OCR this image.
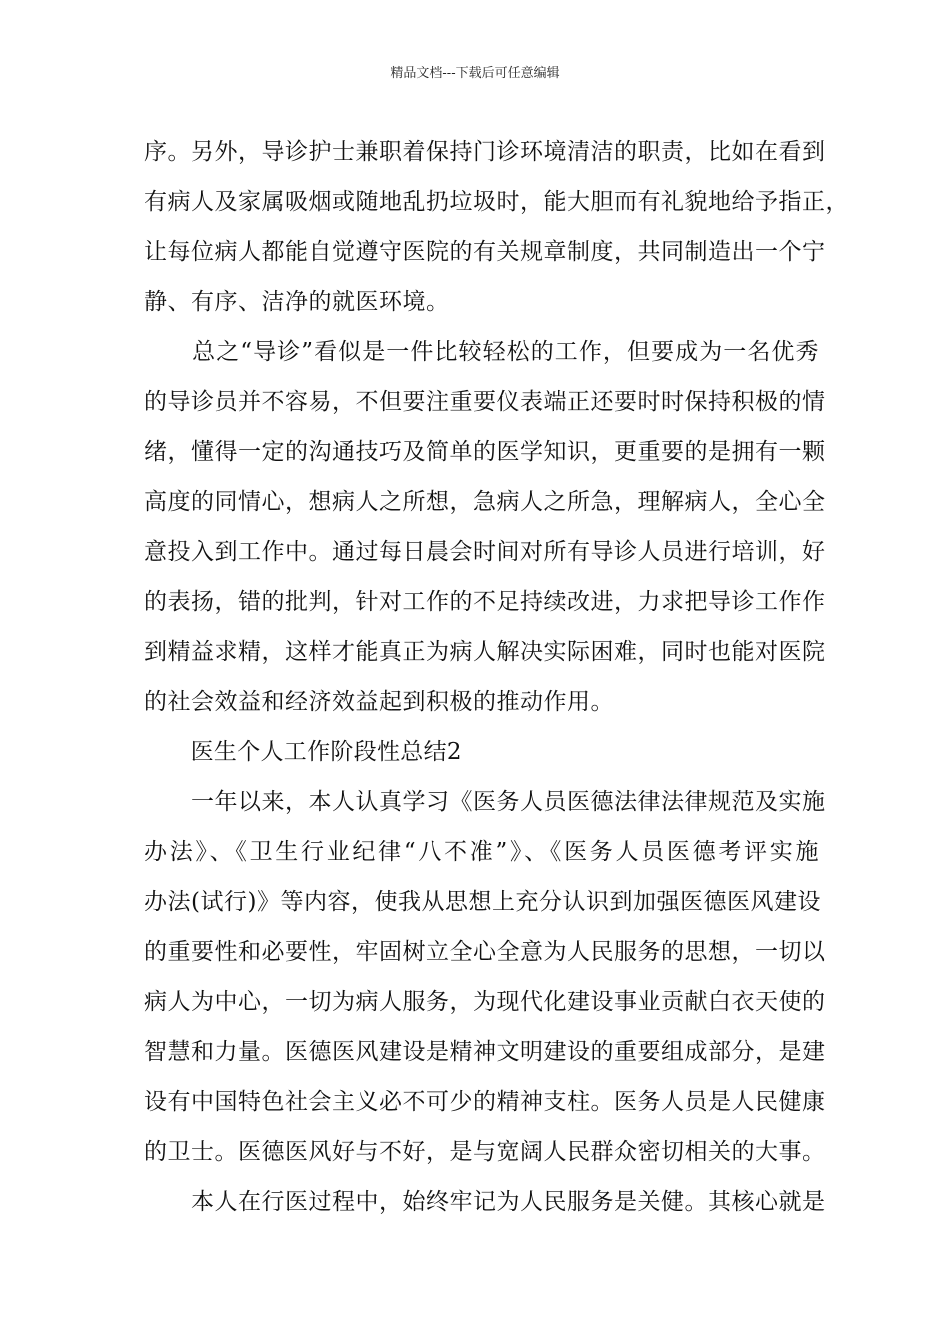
精品文档---下载后可任意编辑
序。另外，导诊护士兼职着保持门诊环境清洁的职责，比如在看到
有病人及家属吸烟或随地乱扔垃圾时，能大胆而有礼貌地给予指正，
让每位病人都能自觉遵守医院的有关规章制度，共同制造出一个宁
静、有序、洁净的就医环境。
　　总之“导诊”看似是一件比较轻松的工作，但要成为一名优秀
的导诊员并不容易，不但要注重要仪表端正还要时时保持积极的情
绪，懂得一定的沟通技巧及简单的医学知识，更重要的是拥有一颗
高度的同情心，想病人之所想，急病人之所急，理解病人，全心全
意投入到工作中。通过每日晨会时间对所有导诊人员进行培训，好
的表扬，错的批判，针对工作的不足持续改进，力求把导诊工作作
到精益求精，这样才能真正为病人解决实际困难，同时也能对医院
的社会效益和经济效益起到积极的推动作用。
　　医生个人工作阶段性总结2
　　一年以来，本人认真学习《医务人员医德法律法律规范及实施
办法》、《卫生行业纪律“八不准”》、《医务人员医德考评实施
办法(试行)》等内容，使我从思想上充分认识到加强医德医风建设
的重要性和必要性，牢固树立全心全意为人民服务的思想，一切以
病人为中心，一切为病人服务，为现代化建设事业贡献白衣天使的
智慧和力量。医德医风建设是精神文明建设的重要组成部分，是建
设有中国特色社会主义必不可少的精神支柱。医务人员是人民健康
的卫士。医德医风好与不好，是与宽阔人民群众密切相关的大事。
　　本人在行医过程中，始终牢记为人民服务是关健。其核心就是
